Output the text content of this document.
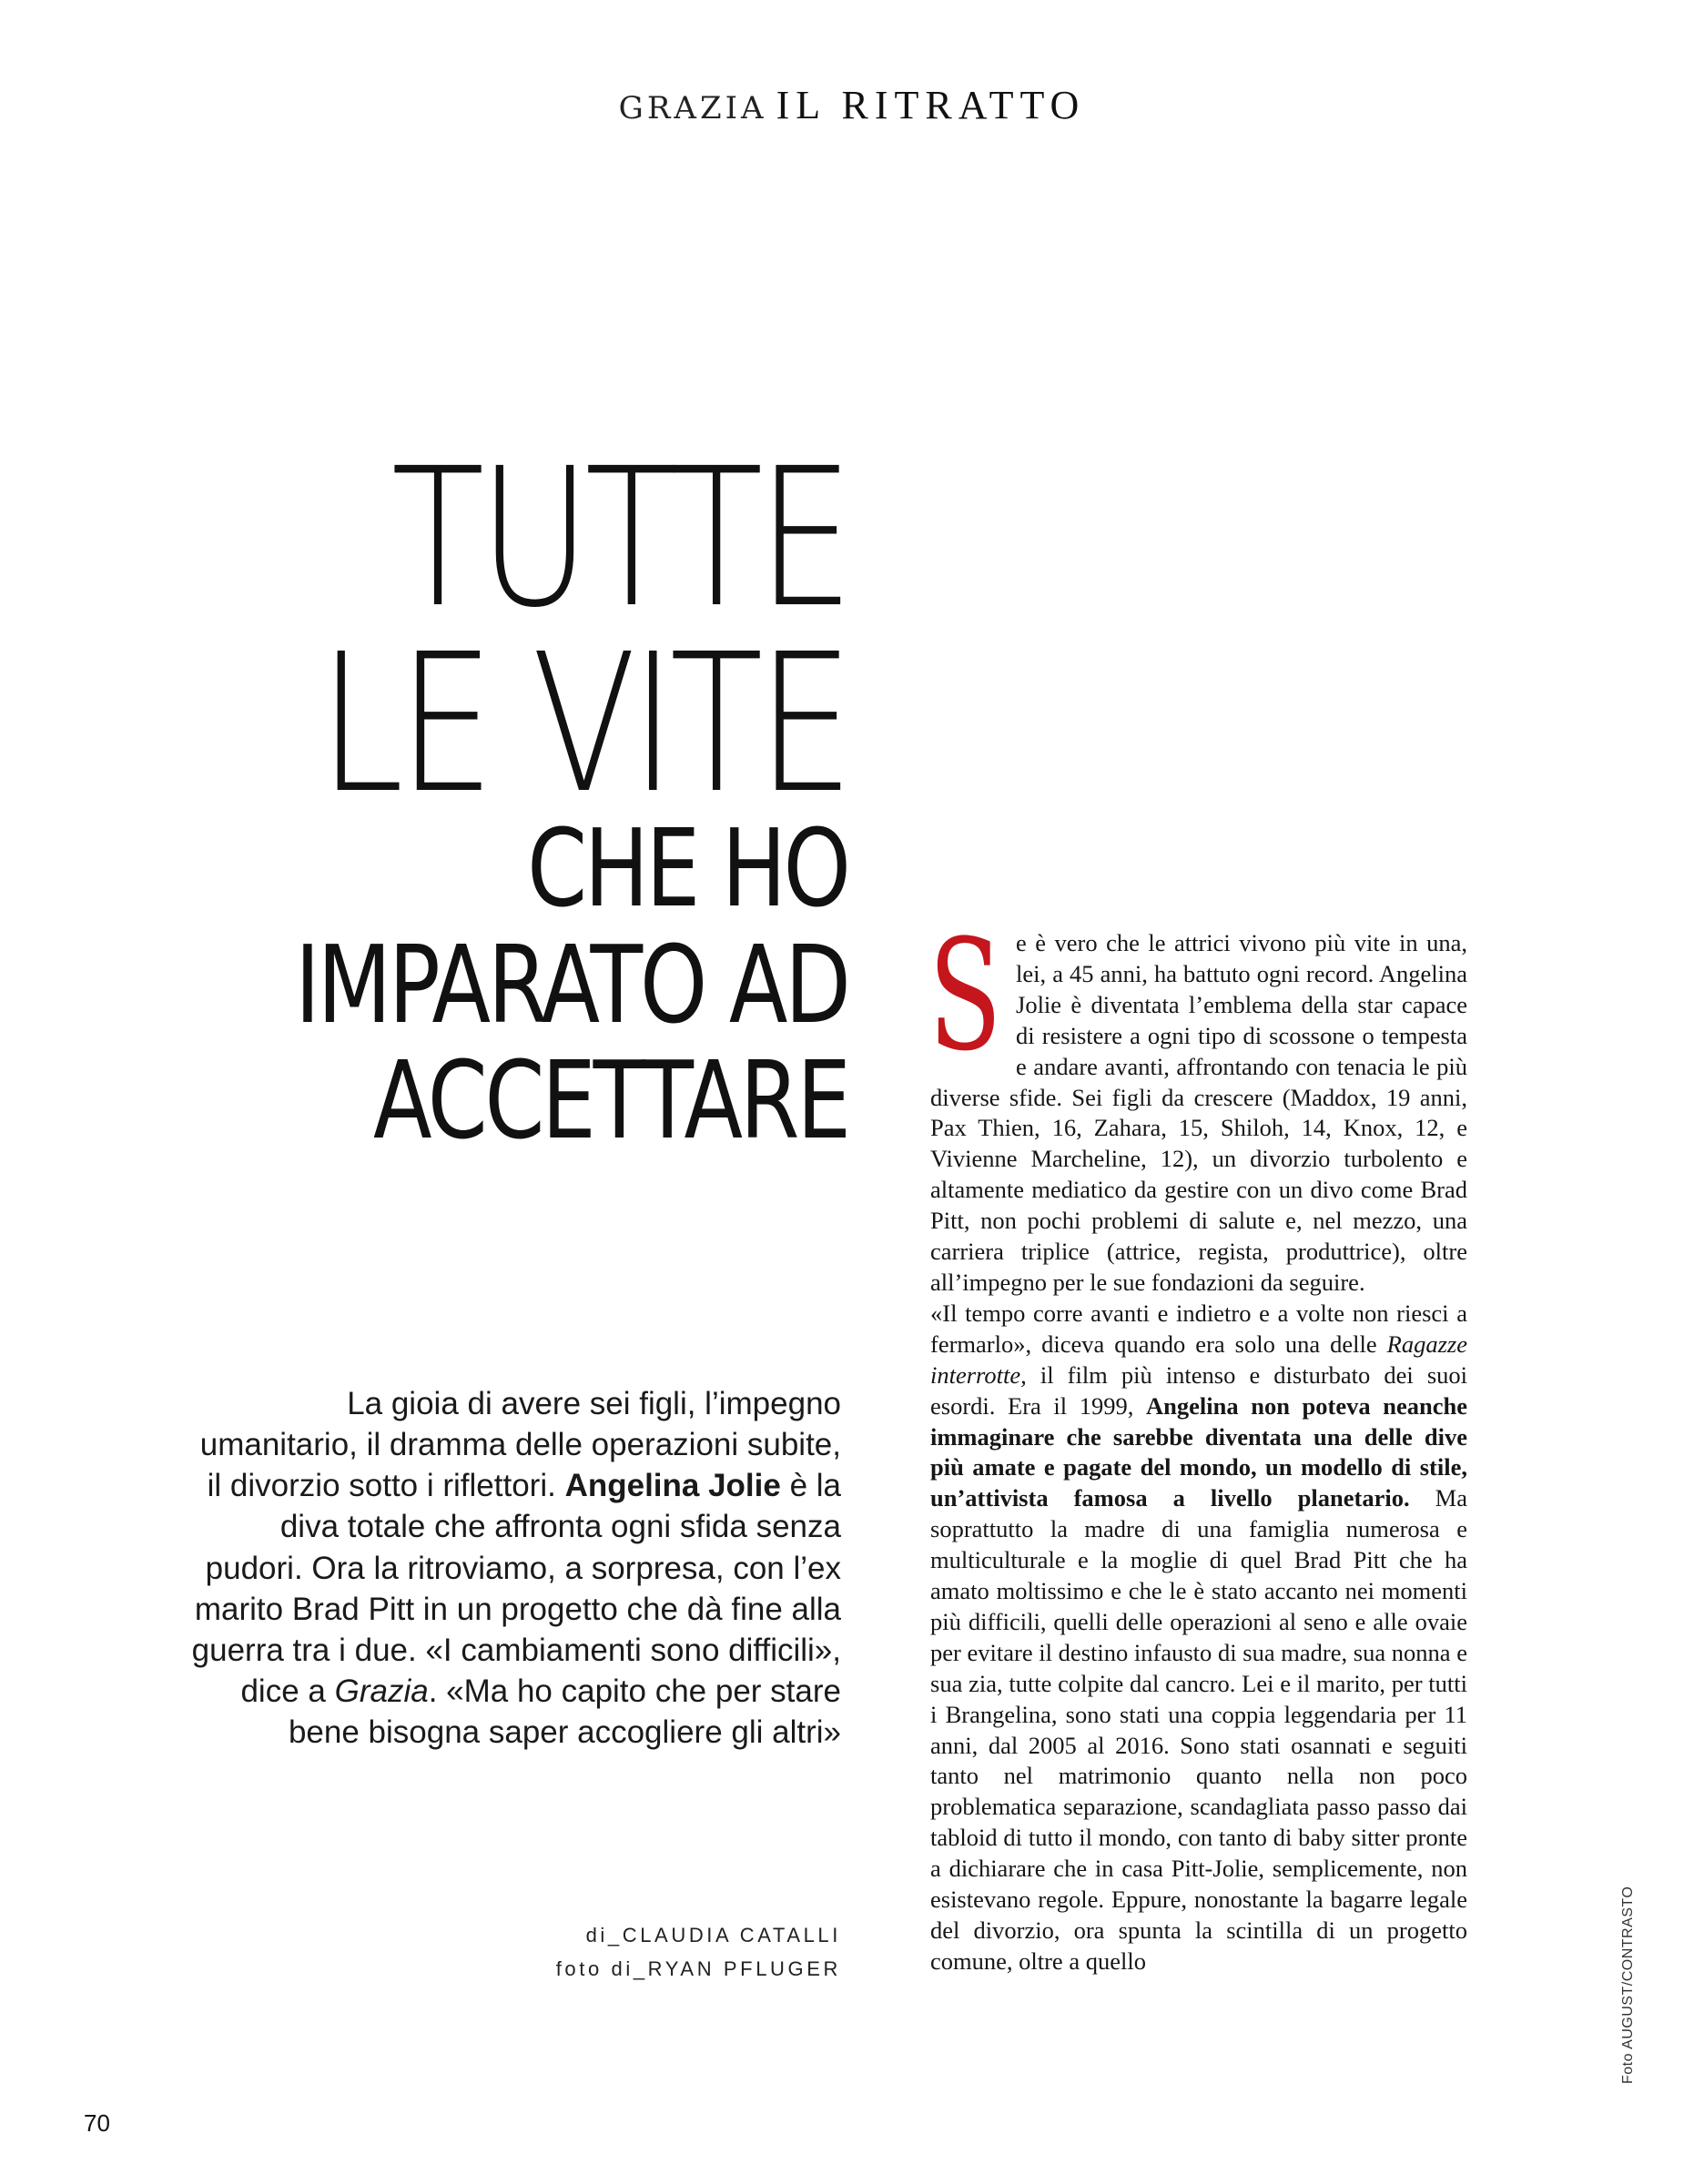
GRAZIA IL RITRATTO
TUTTE
LE VITE
CHE HO
IMPARATO AD
ACCETTARE

La gioia di avere sei figli, l’impegno umanitario, il dramma delle operazioni subite, il divorzio sotto i riflettori. Angelina Jolie è la diva totale che affronta ogni sfida senza pudori. Ora la ritroviamo, a sorpresa, con l’ex marito Brad Pitt in un progetto che dà fine alla guerra tra i due. «I cambiamenti sono difficili», dice a Grazia. «Ma ho capito che per stare bene bisogna saper accogliere gli altri»

di_CLAUDIA CATALLI
foto di_RYAN PFLUGER

Se è vero che le attrici vivono più vite in una, lei, a 45 anni, ha battuto ogni record. Angelina Jolie è diventata l’emblema della star capace di resistere a ogni tipo di scossone o tempesta e andare avanti, affrontando con tenacia le più diverse sfide. Sei figli da crescere (Maddox, 19 anni, Pax Thien, 16, Zahara, 15, Shiloh, 14, Knox, 12, e Vivienne Marcheline, 12), un divorzio turbolento e altamente mediatico da gestire con un divo come Brad Pitt, non pochi problemi di salute e, nel mezzo, una carriera triplice (attrice, regista, produttrice), oltre all’impegno per le sue fondazioni da seguire.

«Il tempo corre avanti e indietro e a volte non riesci a fermarlo», diceva quando era solo una delle Ragazze interrotte, il film più intenso e disturbato dei suoi esordi. Era il 1999, Angelina non poteva neanche immaginare che sarebbe diventata una delle dive più amate e pagate del mondo, un modello di stile, un’attivista famosa a livello planetario. Ma soprattutto la madre di una famiglia numerosa e multiculturale e la moglie di quel Brad Pitt che ha amato moltissimo e che le è stato accanto nei momenti più difficili, quelli delle operazioni al seno e alle ovaie per evitare il destino infausto di sua madre, sua nonna e sua zia, tutte colpite dal cancro. Lei e il marito, per tutti i Brangelina, sono stati una coppia leggendaria per 11 anni, dal 2005 al 2016. Sono stati osannati e seguiti tanto nel matrimonio quanto nella non poco problematica separazione, scandagliata passo passo dai tabloid di tutto il mondo, con tanto di baby sitter pronte a dichiarare che in casa Pitt-Jolie, semplicemente, non esistevano regole. Eppure, nonostante la bagarre legale del divorzio, ora spunta la scintilla di un progetto comune, oltre a quello	Foto AUGUST/CONTRASTO
70
